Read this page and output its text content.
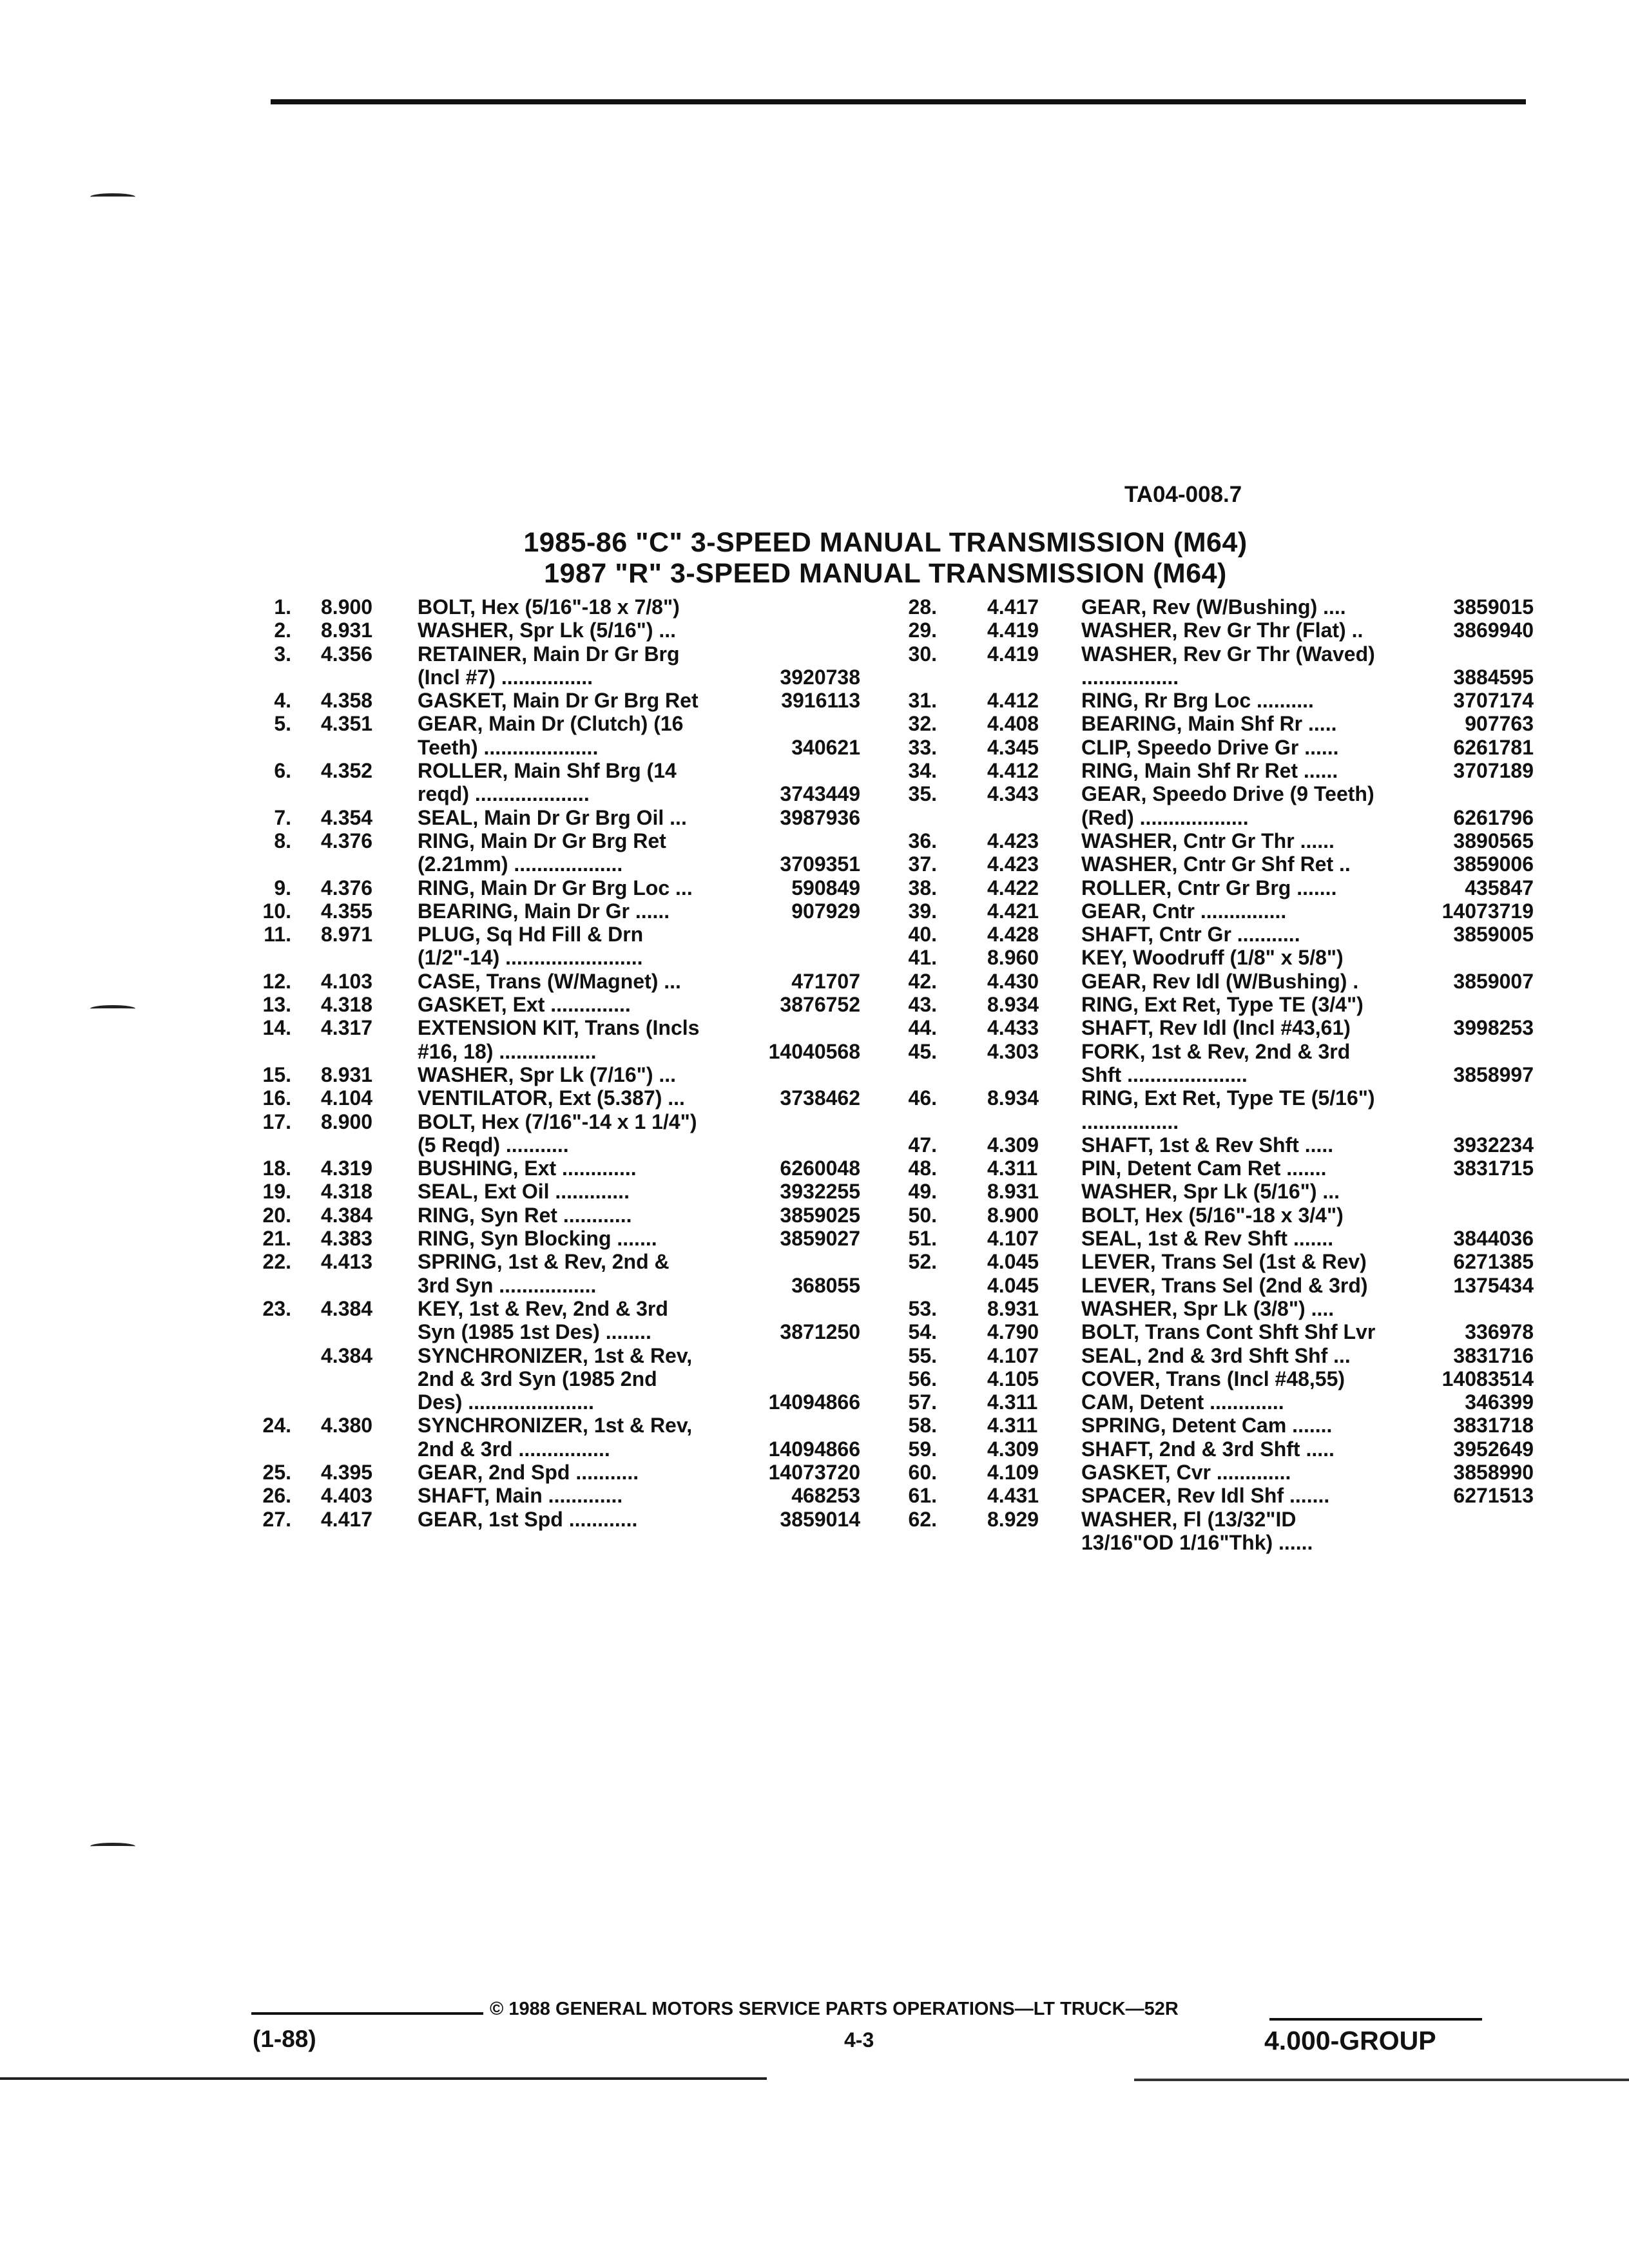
TA04-008.7
1985-86 "C" 3-SPEED MANUAL TRANSMISSION (M64)
1987 "R" 3-SPEED MANUAL TRANSMISSION (M64)
1. 8.900	BOLT, Hex (5/16"-18 x 7/8")
2. 8.931	WASHER, Spr Lk (5/16") ...
3. 4.356	RETAINER, Main Dr Gr Brg (Incl #7) ................	3920738
4. 4.358	GASKET, Main Dr Gr Brg Ret	3916113
5. 4.351	GEAR, Main Dr (Clutch) (16 Teeth) ....................	340621
6. 4.352	ROLLER, Main Shf Brg (14 reqd) ....................	3743449
7. 4.354	SEAL, Main Dr Gr Brg Oil ...	3987936
8. 4.376	RING, Main Dr Gr Brg Ret (2.21mm) ...................	3709351
9. 4.376	RING, Main Dr Gr Brg Loc ...	590849
10. 4.355	BEARING, Main Dr Gr ......	907929
11. 8.971	PLUG, Sq Hd Fill & Drn (1/2"-14) ........................
12. 4.103	CASE, Trans (W/Magnet) ...	471707
13. 4.318	GASKET, Ext ..............	3876752
14. 4.317	EXTENSION KIT, Trans (Incls #16, 18) .................	14040568
15. 8.931	WASHER, Spr Lk (7/16") ...
16. 4.104	VENTILATOR, Ext (5.387) ...	3738462
17. 8.900	BOLT, Hex (7/16"-14 x 1 1/4") (5 Reqd) ...........
18. 4.319	BUSHING, Ext .............	6260048
19. 4.318	SEAL, Ext Oil .............	3932255
20. 4.384	RING, Syn Ret ............	3859025
21. 4.383	RING, Syn Blocking .......	3859027
22. 4.413	SPRING, 1st & Rev, 2nd & 3rd Syn .................	368055
23. 4.384	KEY, 1st & Rev, 2nd & 3rd Syn (1985 1st Des) ........	3871250
4.384	SYNCHRONIZER, 1st & Rev, 2nd & 3rd Syn (1985 2nd Des) ......................	14094866
24. 4.380	SYNCHRONIZER, 1st & Rev, 2nd & 3rd ................	14094866
25. 4.395	GEAR, 2nd Spd ...........	14073720
26. 4.403	SHAFT, Main .............	468253
27. 4.417	GEAR, 1st Spd ............	3859014
28. 4.417	GEAR, Rev (W/Bushing) ....	3859015
29. 4.419	WASHER, Rev Gr Thr (Flat) ..	3869940
30. 4.419	WASHER, Rev Gr Thr (Waved) .................	3884595
31. 4.412	RING, Rr Brg Loc ..........	3707174
32. 4.408	BEARING, Main Shf Rr .....	907763
33. 4.345	CLIP, Speedo Drive Gr ......	6261781
34. 4.412	RING, Main Shf Rr Ret ......	3707189
35. 4.343	GEAR, Speedo Drive (9 Teeth) (Red) ...................	6261796
36. 4.423	WASHER, Cntr Gr Thr ......	3890565
37. 4.423	WASHER, Cntr Gr Shf Ret ..	3859006
38. 4.422	ROLLER, Cntr Gr Brg .......	435847
39. 4.421	GEAR, Cntr ...............	14073719
40. 4.428	SHAFT, Cntr Gr ...........	3859005
41. 8.960	KEY, Woodruff (1/8" x 5/8")
42. 4.430	GEAR, Rev Idl (W/Bushing) .	3859007
43. 8.934	RING, Ext Ret, Type TE (3/4")
44. 4.433	SHAFT, Rev Idl (Incl #43,61)	3998253
45. 4.303	FORK, 1st & Rev, 2nd & 3rd Shft .....................	3858997
46. 8.934	RING, Ext Ret, Type TE (5/16") .................
47. 4.309	SHAFT, 1st & Rev Shft .....	3932234
48. 4.311	PIN, Detent Cam Ret .......	3831715
49. 8.931	WASHER, Spr Lk (5/16") ...
50. 8.900	BOLT, Hex (5/16"-18 x 3/4")
51. 4.107	SEAL, 1st & Rev Shft .......	3844036
52. 4.045	LEVER, Trans Sel (1st & Rev)	6271385
4.045	LEVER, Trans Sel (2nd & 3rd)	1375434
53. 8.931	WASHER, Spr Lk (3/8") ....
54. 4.790	BOLT, Trans Cont Shft Shf Lvr	336978
55. 4.107	SEAL, 2nd & 3rd Shft Shf ...	3831716
56. 4.105	COVER, Trans (Incl #48,55)	14083514
57. 4.311	CAM, Detent .............	346399
58. 4.311	SPRING, Detent Cam .......	3831718
59. 4.309	SHAFT, 2nd & 3rd Shft .....	3952649
60. 4.109	GASKET, Cvr .............	3858990
61. 4.431	SPACER, Rev Idl Shf .......	6271513
62. 8.929	WASHER, Fl (13/32"ID 13/16"OD 1/16"Thk) ......
© 1988 GENERAL MOTORS SERVICE PARTS OPERATIONS—LT TRUCK—52R
(1-88)	4-3	4.000-GROUP
